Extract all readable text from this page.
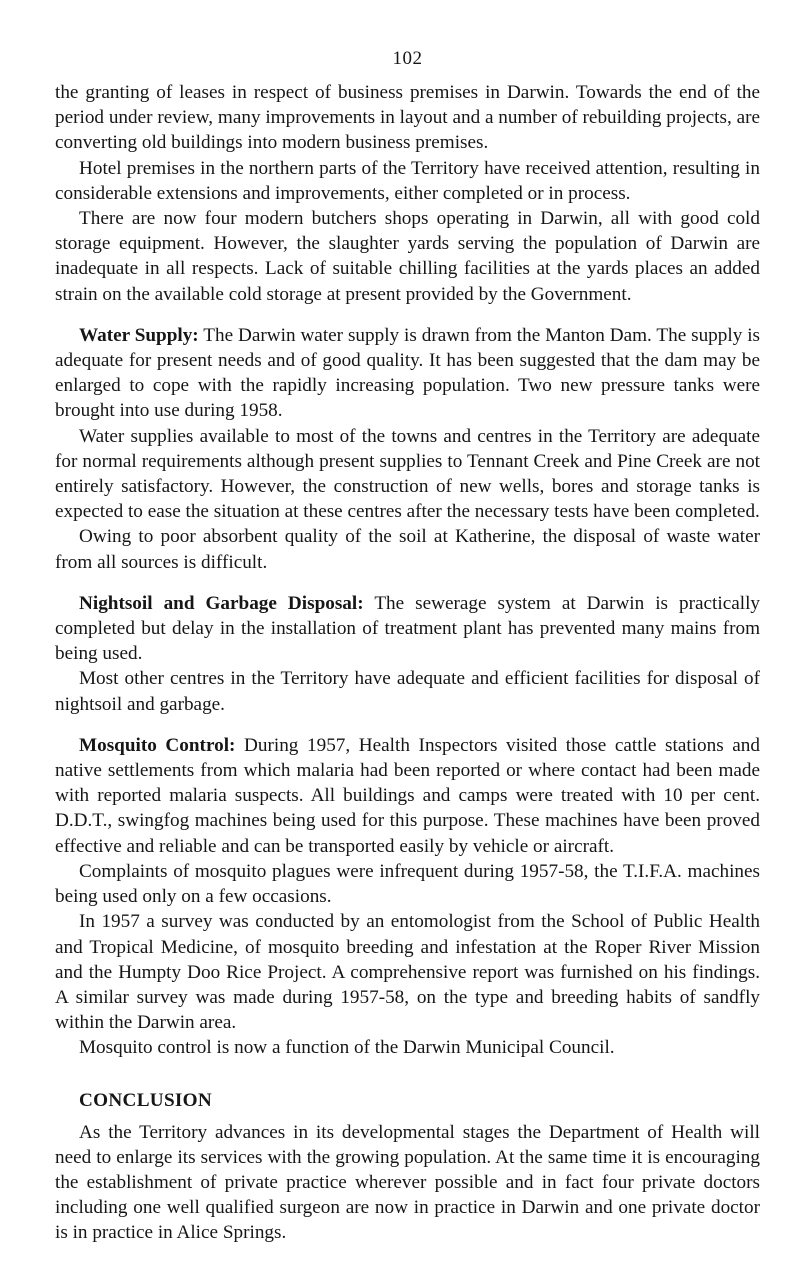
102

the granting of leases in respect of business premises in Darwin. Towards the end of the period under review, many improvements in layout and a number of rebuilding projects, are converting old buildings into modern business premises.

Hotel premises in the northern parts of the Territory have received attention, resulting in considerable extensions and improvements, either completed or in process.

There are now four modern butchers shops operating in Darwin, all with good cold storage equipment. However, the slaughter yards serving the population of Darwin are inadequate in all respects. Lack of suitable chilling facilities at the yards places an added strain on the available cold storage at present provided by the Government.

Water Supply: The Darwin water supply is drawn from the Manton Dam. The supply is adequate for present needs and of good quality. It has been suggested that the dam may be enlarged to cope with the rapidly increasing population. Two new pressure tanks were brought into use during 1958.

Water supplies available to most of the towns and centres in the Territory are adequate for normal requirements although present supplies to Tennant Creek and Pine Creek are not entirely satisfactory. However, the construction of new wells, bores and storage tanks is expected to ease the situation at these centres after the necessary tests have been completed.

Owing to poor absorbent quality of the soil at Katherine, the disposal of waste water from all sources is difficult.

Nightsoil and Garbage Disposal: The sewerage system at Darwin is practically completed but delay in the installation of treatment plant has prevented many mains from being used.

Most other centres in the Territory have adequate and efficient facilities for disposal of nightsoil and garbage.

Mosquito Control: During 1957, Health Inspectors visited those cattle stations and native settlements from which malaria had been reported or where contact had been made with reported malaria suspects. All buildings and camps were treated with 10 per cent. D.D.T., swingfog machines being used for this purpose. These machines have been proved effective and reliable and can be transported easily by vehicle or aircraft.

Complaints of mosquito plagues were infrequent during 1957-58, the T.I.F.A. machines being used only on a few occasions.

In 1957 a survey was conducted by an entomologist from the School of Public Health and Tropical Medicine, of mosquito breeding and infestation at the Roper River Mission and the Humpty Doo Rice Project. A comprehensive report was furnished on his findings. A similar survey was made during 1957-58, on the type and breeding habits of sandfly within the Darwin area.

Mosquito control is now a function of the Darwin Municipal Council.

CONCLUSION

As the Territory advances in its developmental stages the Department of Health will need to enlarge its services with the growing population. At the same time it is encouraging the establishment of private practice wherever possible and in fact four private doctors including one well qualified surgeon are now in practice in Darwin and one private doctor is in practice in Alice Springs.
